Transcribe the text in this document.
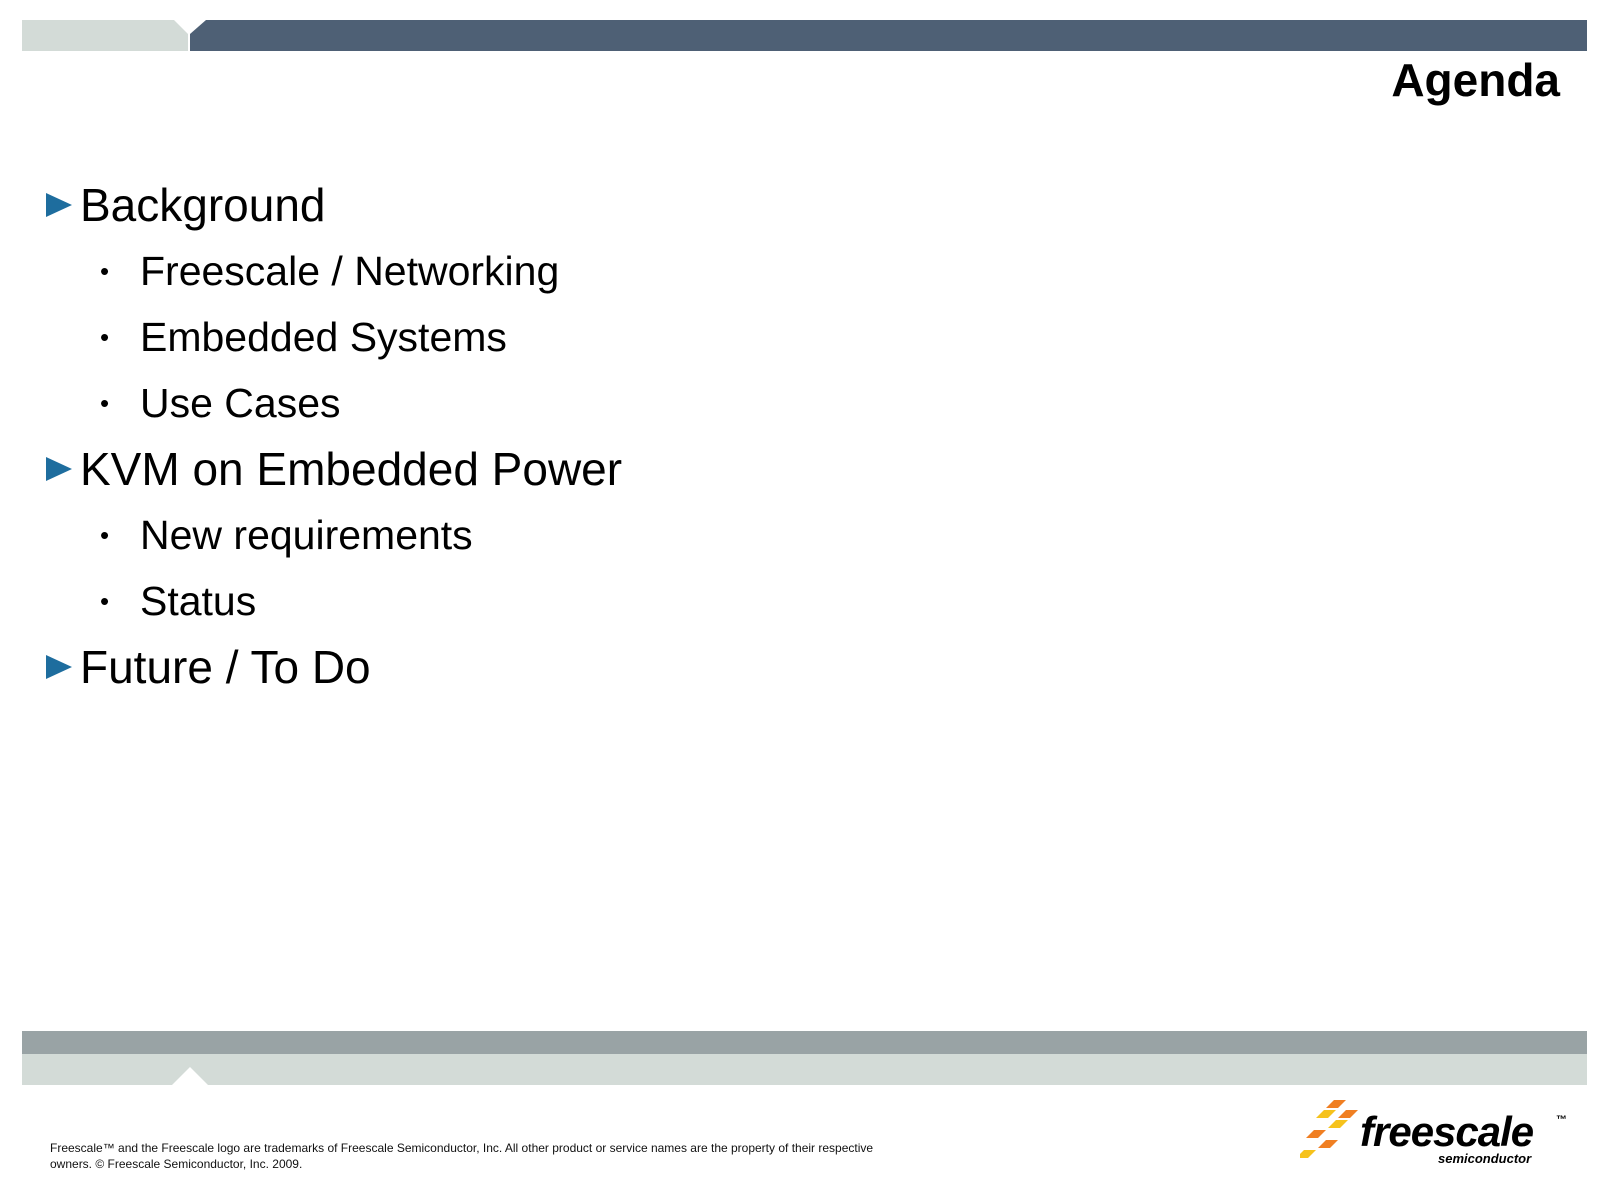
Agenda
Background
• Freescale / Networking
• Embedded Systems
• Use Cases
KVM on Embedded Power
• New requirements
• Status
Future / To Do
Freescale™ and the Freescale logo are trademarks of Freescale Semiconductor, Inc. All other product or service names are the property of their respective
owners. © Freescale Semiconductor, Inc. 2009.
freescale ™
semiconductor
